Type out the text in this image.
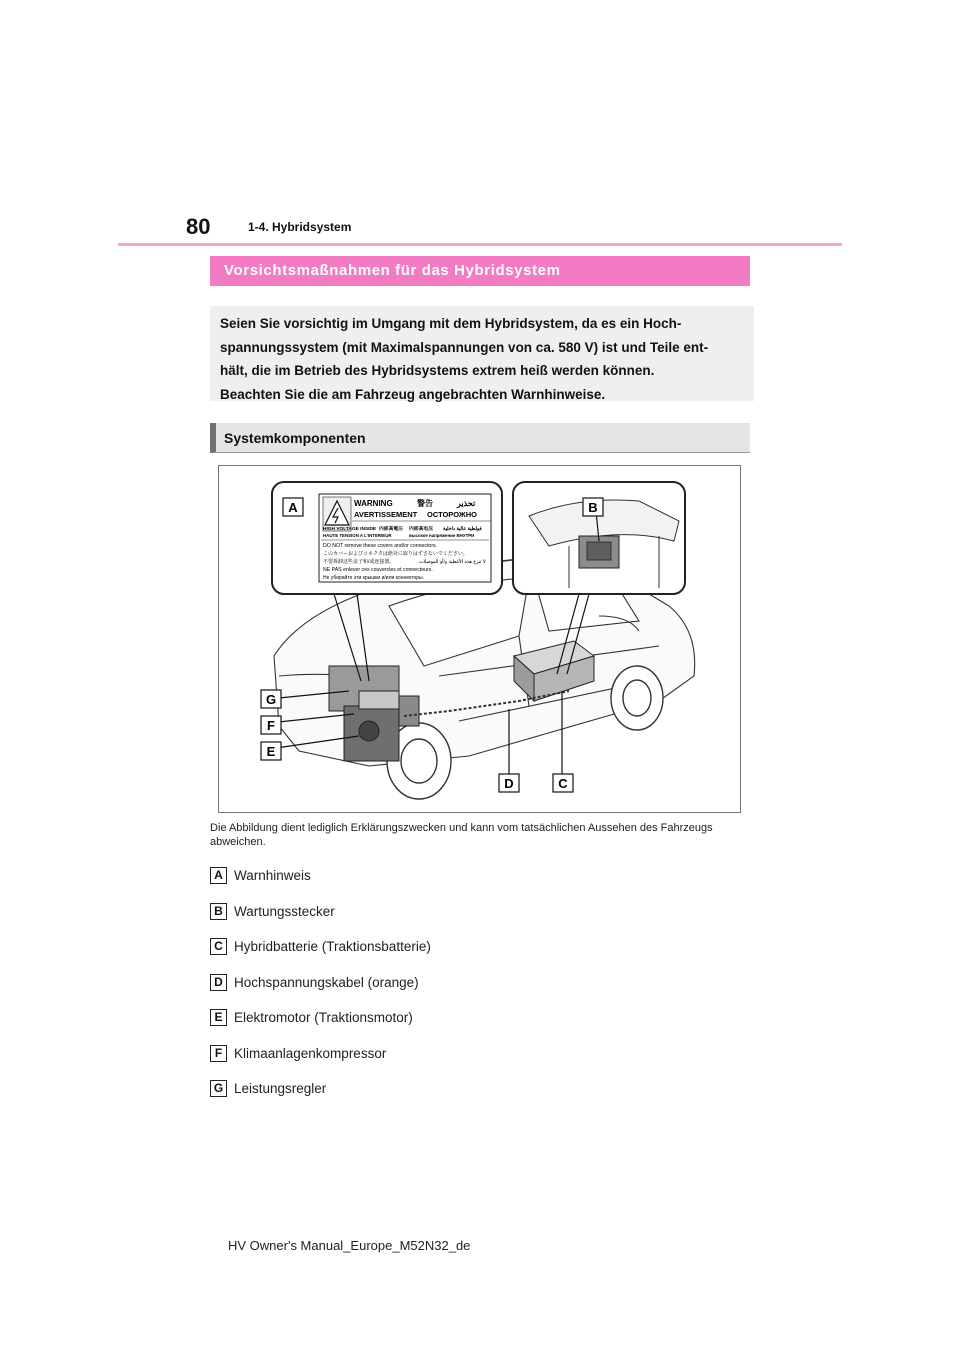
80	1-4. Hybridsystem
Vorsichtsmaßnahmen für das Hybridsystem
Seien Sie vorsichtig im Umgang mit dem Hybridsystem, da es ein Hoch-
spannungssystem (mit Maximalspannungen von ca. 580 V) ist und Teile ent-
hält, die im Betrieb des Hybridsystems extrem heiß werden können.
Beachten Sie die am Fahrzeug angebrachten Warnhinweise.
Systemkomponenten
WARNING	警告	تحذير
AVERTISSEMENT ОСТОРОЖНО
HIGH VOLTAGE INSIDE 内部高電圧 内部高电压 فولطية عالية داخلية
HAUTE TENSION A L'INTERIEUR	высокое напряжение ВНУТРИ
DO NOT remove these covers and/or connectors.
このカバーおよびコネクタは絶対に取りはずさないでください。
不要拆卸这些盖子和/或连接器。	لا تنزع هذه الأغطية و/أو الموصلات
NE PAS enlever ces couvercles et connecteurs.
Не убирайте эти крышки и/или коннекторы.
A	B
C
D
E
F
G
Die Abbildung dient lediglich Erklärungszwecken und kann vom tatsächlichen Aussehen des Fahrzeugs abweichen.
A Warnhinweis
B Wartungsstecker
C Hybridbatterie (Traktionsbatterie)
D Hochspannungskabel (orange)
E Elektromotor (Traktionsmotor)
F Klimaanlagenkompressor
G Leistungsregler
HV Owner's Manual_Europe_M52N32_de
